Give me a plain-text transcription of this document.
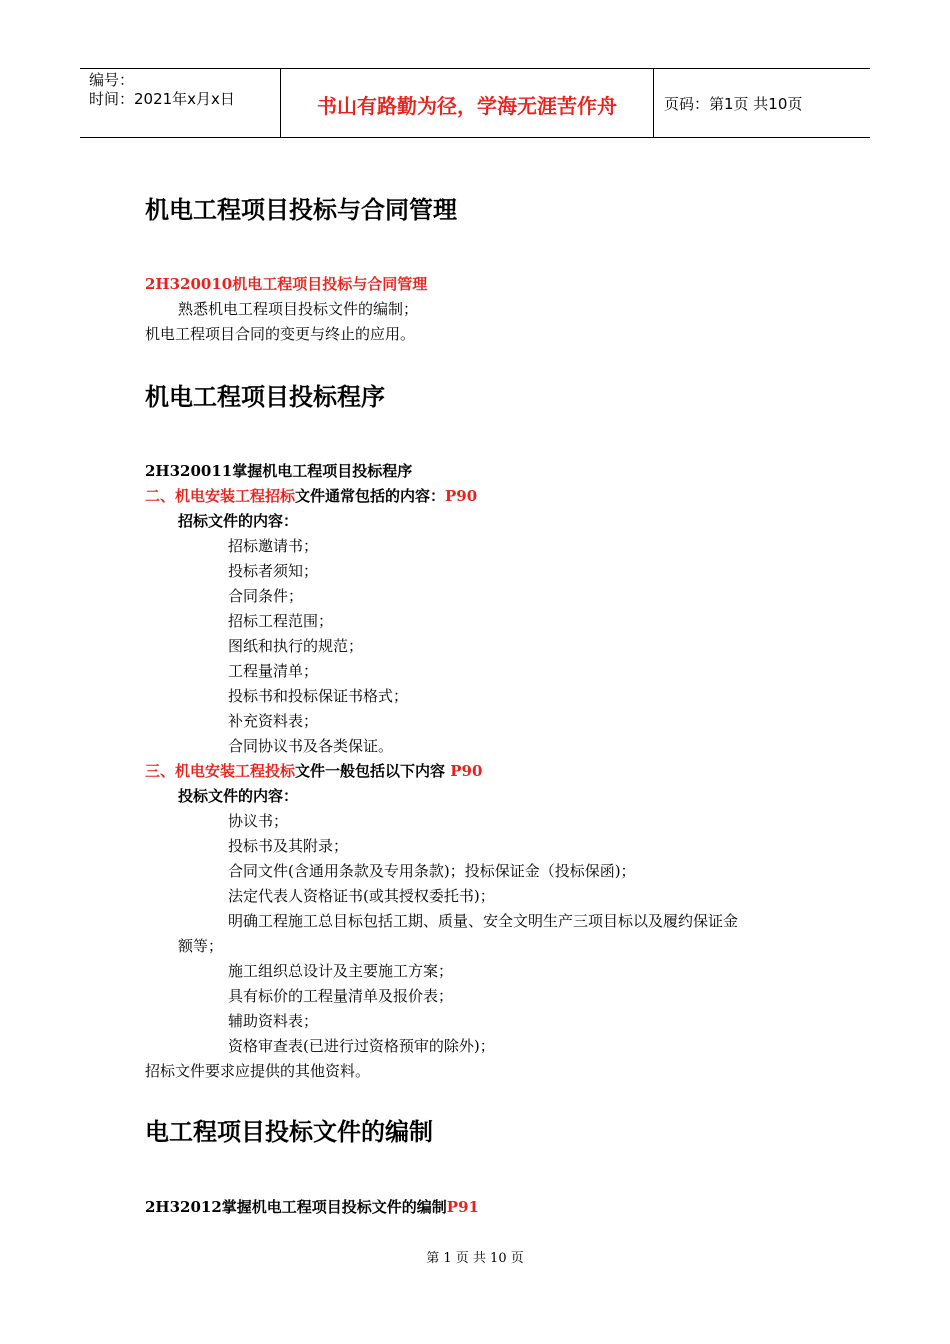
编号：
时间：2021年x月x日	书山有路勤为径，学海无涯苦作舟	页码：第1页 共10页
机电工程项目投标与合同管理
2H320010机电工程项目投标与合同管理
熟悉机电工程项目投标文件的编制；
机电工程项目合同的变更与终止的应用。
机电工程项目投标程序
2H320011掌握机电工程项目投标程序
二、机电安装工程招标文件通常包括的内容：P90
招标文件的内容：
招标邀请书；
投标者须知；
合同条件；
招标工程范围；
图纸和执行的规范；
工程量清单；
投标书和投标保证书格式；
补充资料表；
合同协议书及各类保证。
三、机电安装工程投标文件一般包括以下内容 P90
投标文件的内容：
协议书；
投标书及其附录；
合同文件(含通用条款及专用条款)；投标保证金（投标保函)；
法定代表人资格证书(或其授权委托书)；
明确工程施工总目标包括工期、质量、安全文明生产三项目标以及履约保证金
额等；
施工组织总设计及主要施工方案；
具有标价的工程量清单及报价表；
辅助资料表；
资格审查表(已进行过资格预审的除外)；
招标文件要求应提供的其他资料。
电工程项目投标文件的编制
2H32012掌握机电工程项目投标文件的编制P91
第 1 页 共 10 页
